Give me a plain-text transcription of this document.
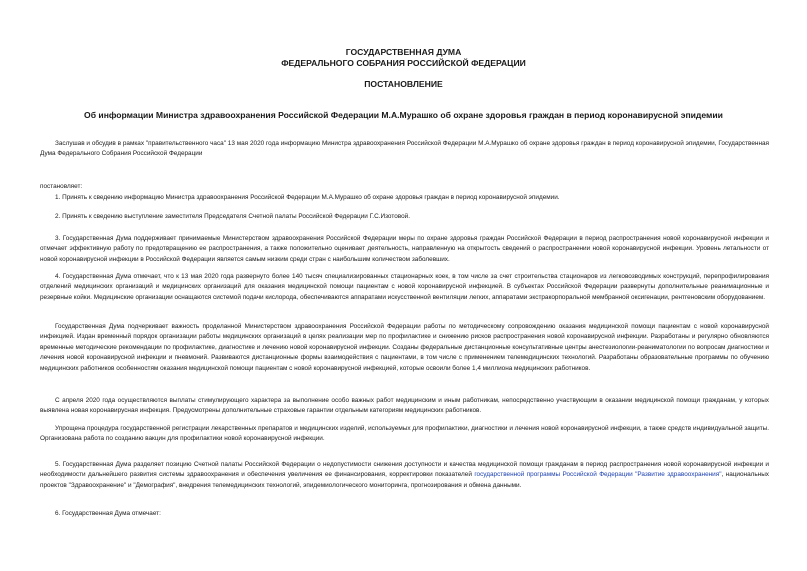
ГОСУДАРСТВЕННАЯ ДУМА

ФЕДЕРАЛЬНОГО СОБРАНИЯ РОССИЙСКОЙ ФЕДЕРАЦИИ

ПОСТАНОВЛЕНИЕ

Об информации Министра здравоохранения Российской Федерации М.А.Мурашко об охране здоровья граждан в период коронавирусной эпидемии

Заслушав и обсудив в рамках "правительственного часа" 13 мая 2020 года информацию Министра здравоохранения Российской Федерации М.А.Мурашко об охране здоровья граждан в период коронавирусной эпидемии, Государственная Дума Федерального Собрания Российской Федерации

постановляет:

1. Принять к сведению информацию Министра здравоохранения Российской Федерации М.А.Мурашко об охране здоровья граждан в период коронавирусной эпидемии.

2. Принять к сведению выступление заместителя Председателя Счетной палаты Российской Федерации Г.С.Изотовой.

3. Государственная Дума поддерживает принимаемые Министерством здравоохранения Российской Федерации меры по охране здоровья граждан Российской Федерации в период распространения новой коронавирусной инфекции и отмечает эффективную работу по предотвращению ее распространения, а также положительно оценивает деятельность, направленную на открытость сведений о распространении новой коронавирусной инфекции. Уровень летальности от новой коронавирусной инфекции в Российской Федерации является самым низким среди стран с наибольшим количеством заболевших.

4. Государственная Дума отмечает, что к 13 мая 2020 года развернуто более 140 тысяч специализированных стационарных коек, в том числе за счет строительства стационаров из легковозводимых конструкций, перепрофилирования отделений медицинских организаций и медицинских организаций для оказания медицинской помощи пациентам с новой коронавирусной инфекцией. В субъектах Российской Федерации развернуты дополнительные реанимационные и резервные койки. Медицинские организации оснащаются системой подачи кислорода, обеспечиваются аппаратами искусственной вентиляции легких, аппаратами экстракорпоральной мембранной оксигенации, рентгеновским оборудованием.

Государственная Дума подчеркивает важность проделанной Министерством здравоохранения Российской Федерации работы по методическому сопровождению оказания медицинской помощи пациентам с новой коронавирусной инфекцией. Издан временный порядок организации работы медицинских организаций в целях реализации мер по профилактике и снижению рисков распространения новой коронавирусной инфекции. Разработаны и регулярно обновляются временные методические рекомендации по профилактике, диагностике и лечению новой коронавирусной инфекции. Созданы федеральные дистанционные консультативные центры анестезиологии-реаниматологии по вопросам диагностики и лечения новой коронавирусной инфекции и пневмоний. Развиваются дистанционные формы взаимодействия с пациентами, в том числе с применением телемедицинских технологий. Разработаны образовательные программы по обучению медицинских работников особенностям оказания медицинской помощи пациентам с новой коронавирусной инфекцией, которые освоили более 1,4 миллиона медицинских работников.

С апреля 2020 года осуществляются выплаты стимулирующего характера за выполнение особо важных работ медицинским и иным работникам, непосредственно участвующим в оказании медицинской помощи гражданам, у которых выявлена новая коронавирусная инфекция. Предусмотрены дополнительные страховые гарантии отдельным категориям медицинских работников.

Упрощена процедура государственной регистрации лекарственных препаратов и медицинских изделий, используемых для профилактики, диагностики и лечения новой коронавирусной инфекции, а также средств индивидуальной защиты. Организована работа по созданию вакцин для профилактики новой коронавирусной инфекции.

5. Государственная Дума разделяет позицию Счетной палаты Российской Федерации о недопустимости снижения доступности и качества медицинской помощи гражданам в период распространения новой коронавирусной инфекции и необходимости дальнейшего развития системы здравоохранения и обеспечения увеличения ее финансирования, корректировки показателей государственной программы Российской Федерации "Развитие здравоохранения", национальных проектов "Здравоохранение" и "Демография", внедрения телемедицинских технологий, эпидемиологического мониторинга, прогнозирования и обмена данными.

6. Государственная Дума отмечает:
